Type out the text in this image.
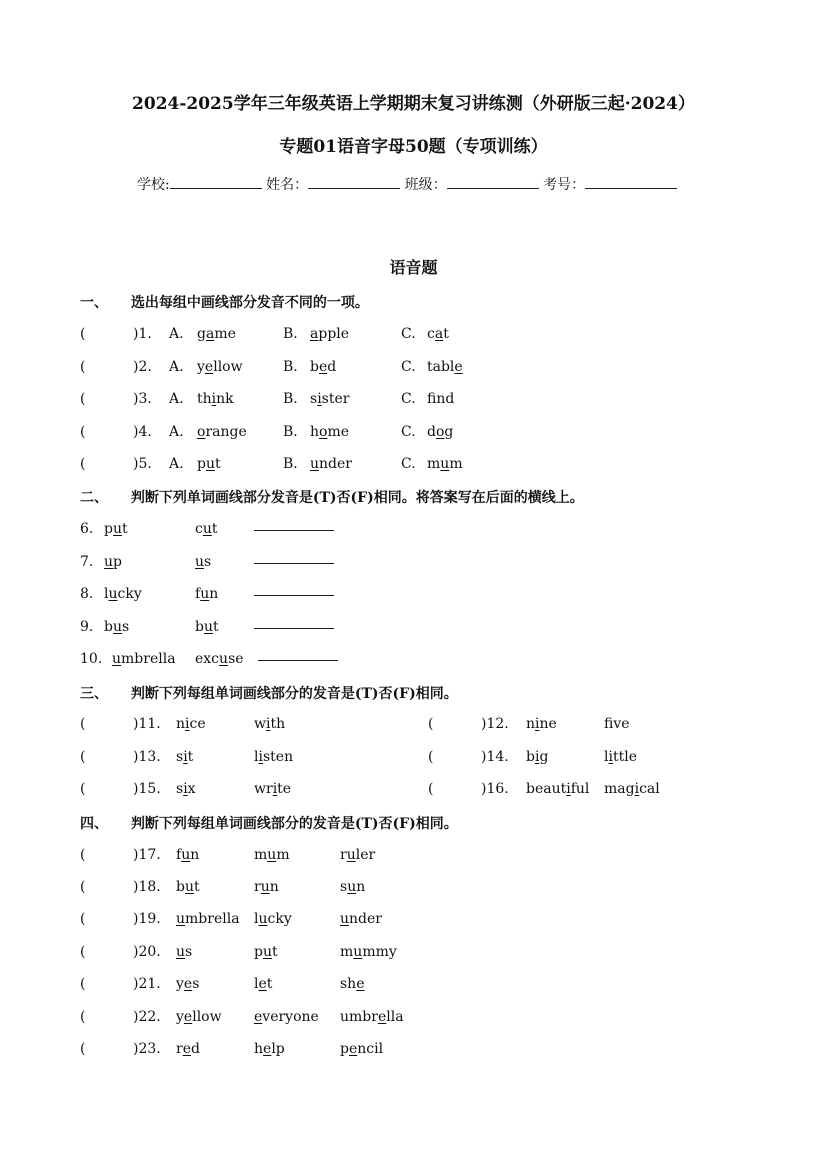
2024-2025学年三年级英语上学期期末复习讲练测（外研版三起·2024）
专题01语音字母50题（专项训练）
学校:	姓名：	班级：	考号：
语音题
一、 选出每组中画线部分发音不同的一项。
(	)1. A. game	B. apple	C. cat
(	)2. A. yellow	B. bed	C. table
(	)3. A. think	B. sister	C. fnd
(	)4. A. orange	B. home	C. dog
(	)5. A. put	B. under	C. mum
二、 判断下列单词画线部分发音是(T)否(F)相同。将答案写在后面的横线上。
6. put	cut
7. up	us
8. lucky	fun
9. bus	but
10. umbrella excuse
三、 判断下列每组单词画线部分的发音是(T)否(F)相同。
(	)11. nice	with	(	)12. nine	fve
(	)13. sit	listen	(	)14. big	little
(	)15. six	write	(	)16. beautiful magical
四、 判断下列每组单词画线部分的发音是(T)否(F)相同。
(	)17. fun	mum	ruler
(	)18. but	run	sun
(	)19. umbrella lucky	under
(	)20. us	put	mummy
(	)21. yes	let	she
(	)22. yellow everyone umbrella
(	)23. red	help	pencil
